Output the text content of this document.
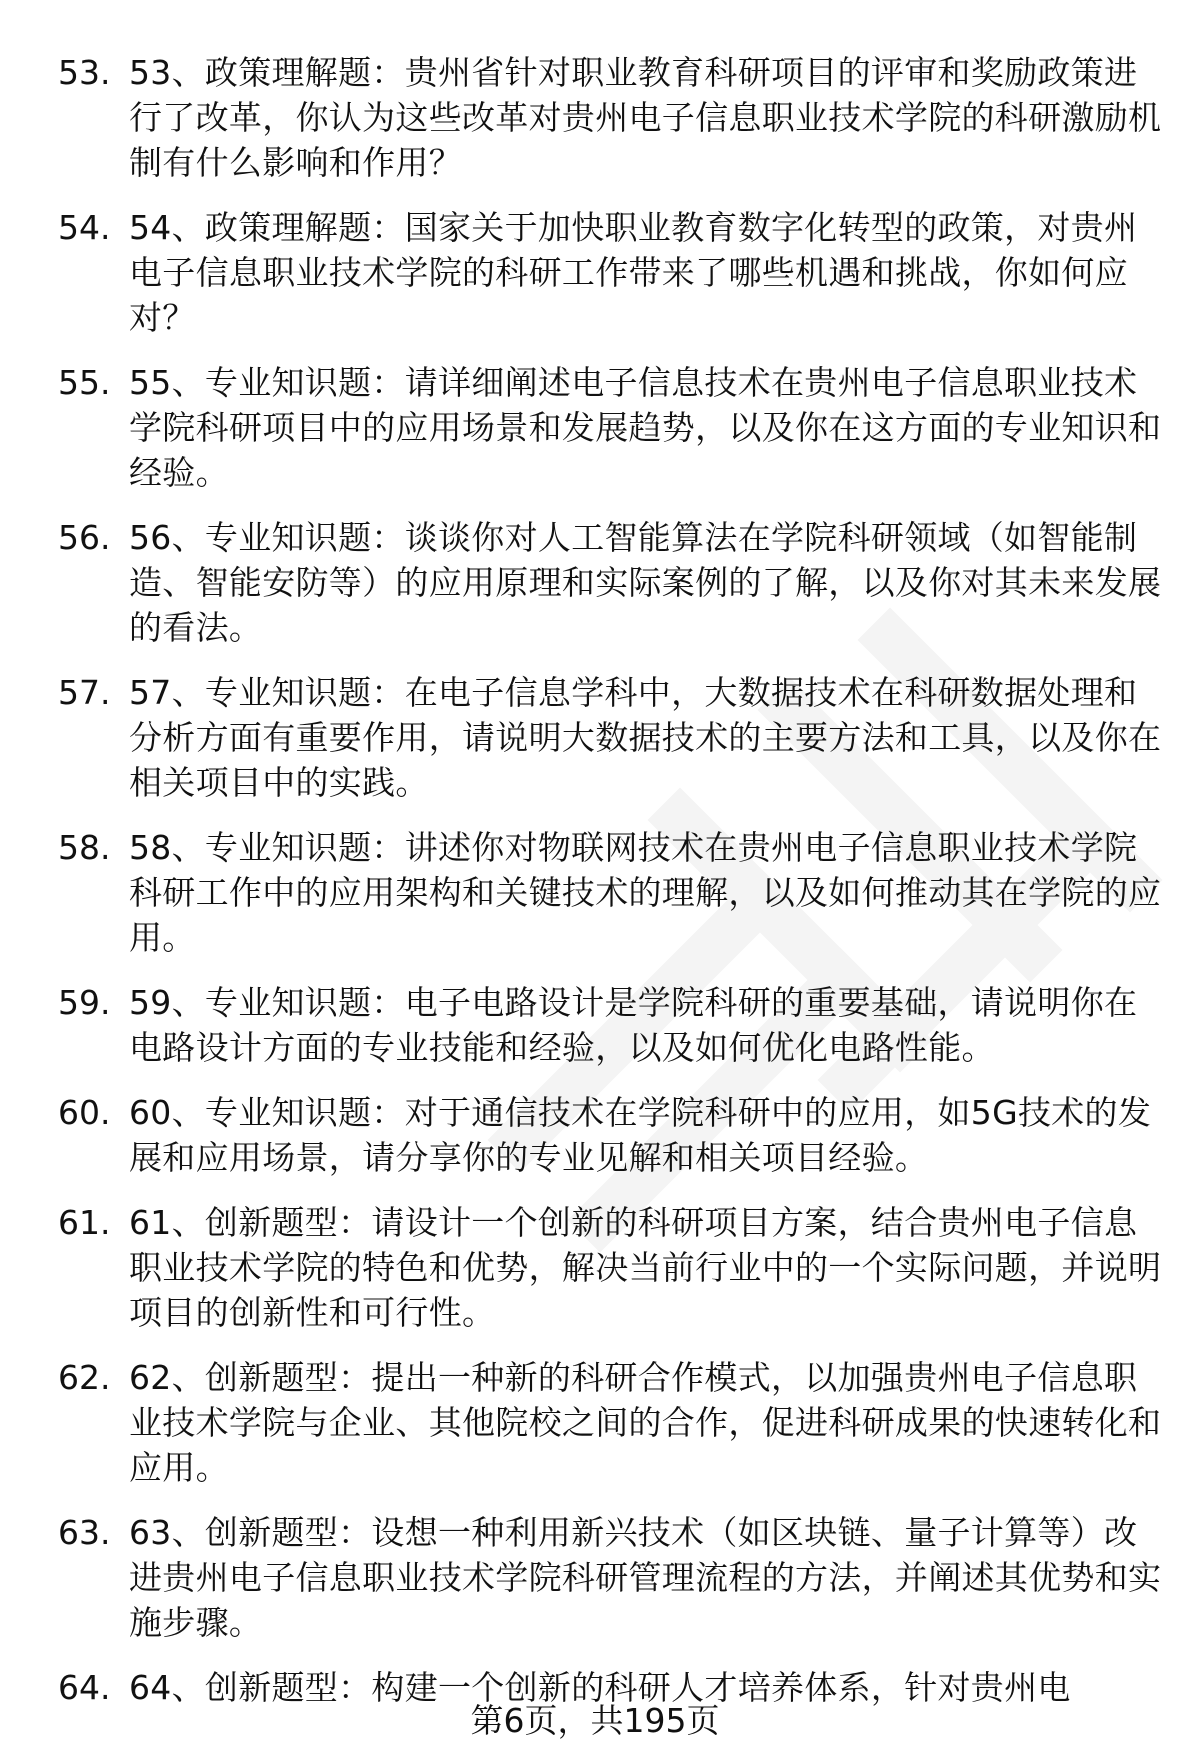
53. 53、政策理解题：贵州省针对职业教育科研项目的评审和奖励政策进行了改革，你认为这些改革对贵州电子信息职业技术学院的科研激励机制有什么影响和作用？
54. 54、政策理解题：国家关于加快职业教育数字化转型的政策，对贵州电子信息职业技术学院的科研工作带来了哪些机遇和挑战，你如何应对？
55. 55、专业知识题：请详细阐述电子信息技术在贵州电子信息职业技术学院科研项目中的应用场景和发展趋势，以及你在这方面的专业知识和经验。
56. 56、专业知识题：谈谈你对人工智能算法在学院科研领域（如智能制造、智能安防等）的应用原理和实际案例的了解，以及你对其未来发展的看法。
57. 57、专业知识题：在电子信息学科中，大数据技术在科研数据处理和分析方面有重要作用，请说明大数据技术的主要方法和工具，以及你在相关项目中的实践。
58. 58、专业知识题：讲述你对物联网技术在贵州电子信息职业技术学院科研工作中的应用架构和关键技术的理解，以及如何推动其在学院的应用。
59. 59、专业知识题：电子电路设计是学院科研的重要基础，请说明你在电路设计方面的专业技能和经验，以及如何优化电路性能。
60. 60、专业知识题：对于通信技术在学院科研中的应用，如5G技术的发展和应用场景，请分享你的专业见解和相关项目经验。
61. 61、创新题型：请设计一个创新的科研项目方案，结合贵州电子信息职业技术学院的特色和优势，解决当前行业中的一个实际问题，并说明项目的创新性和可行性。
62. 62、创新题型：提出一种新的科研合作模式，以加强贵州电子信息职业技术学院与企业、其他院校之间的合作，促进科研成果的快速转化和应用。
63. 63、创新题型：设想一种利用新兴技术（如区块链、量子计算等）改进贵州电子信息职业技术学院科研管理流程的方法，并阐述其优势和实施步骤。
64. 64、创新题型：构建一个创新的科研人才培养体系，针对贵州电
第6页，共195页
